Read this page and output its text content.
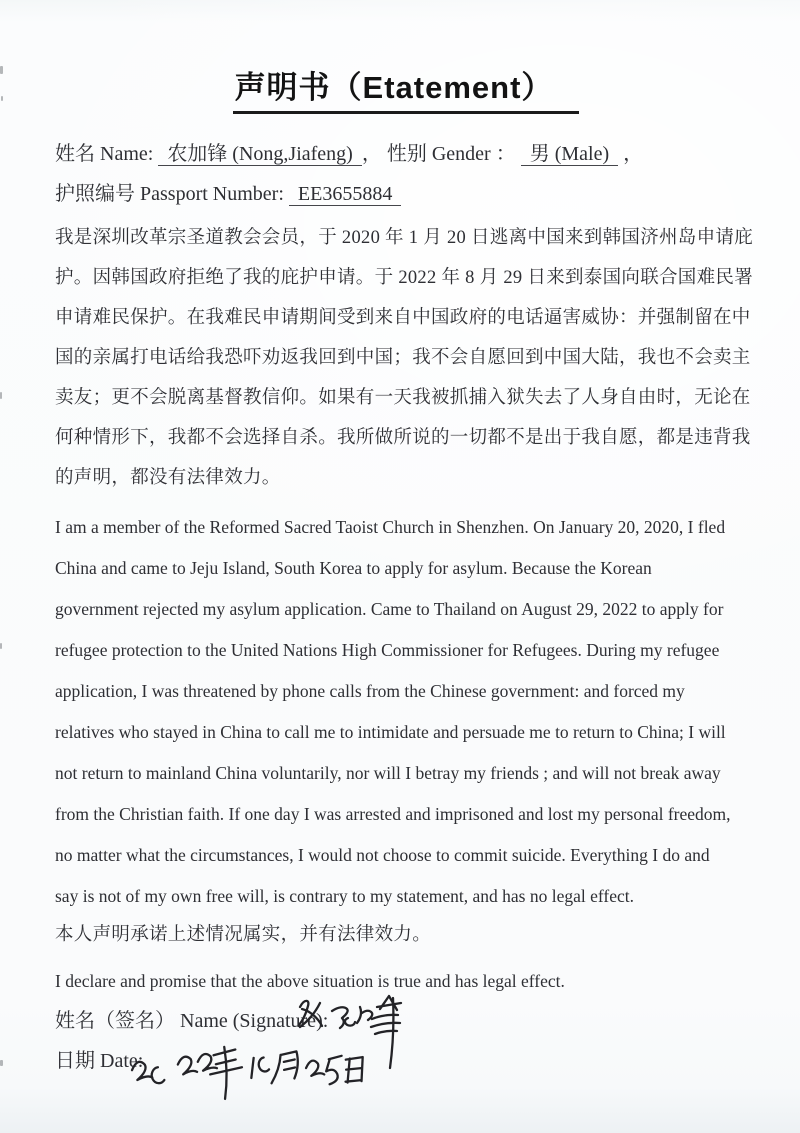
声明书（Etatement）
姓名 Name: 农加锋 (Nong,Jiafeng) ， 性别 Gender ： 男 (Male) ，
护照编号 Passport Number: EE3655884
我是深圳改革宗圣道教会会员，于 2020 年 1 月 20 日逃离中国来到韩国济州岛申请庇
护。因韩国政府拒绝了我的庇护申请。于 2022 年 8 月 29 日来到泰国向联合国难民署
申请难民保护。在我难民申请期间受到来自中国政府的电话逼害威协：并强制留在中
国的亲属打电话给我恐吓劝返我回到中国；我不会自愿回到中国大陆，我也不会卖主
卖友；更不会脱离基督教信仰。如果有一天我被抓捕入狱失去了人身自由时，无论在
何种情形下，我都不会选择自杀。我所做所说的一切都不是出于我自愿，都是违背我
的声明，都没有法律效力。
I am a member of the Reformed Sacred Taoist Church in Shenzhen. On January 20, 2020, I fled
China and came to Jeju Island, South Korea to apply for asylum. Because the Korean
government rejected my asylum application. Came to Thailand on August 29, 2022 to apply for
refugee protection to the United Nations High Commissioner for Refugees. During my refugee
application, I was threatened by phone calls from the Chinese government: and forced my
relatives who stayed in China to call me to intimidate and persuade me to return to China; I will
not return to mainland China voluntarily, nor will I betray my friends ; and will not break away
from the Christian faith. If one day I was arrested and imprisoned and lost my personal freedom,
no matter what the circumstances, I would not choose to commit suicide. Everything I do and
say is not of my own free will, is contrary to my statement, and has no legal effect.
本人声明承诺上述情况属实，并有法律效力。
I declare and promise that the above situation is true and has legal effect.
姓名（签名） Name (Signature):
日期 Date:
